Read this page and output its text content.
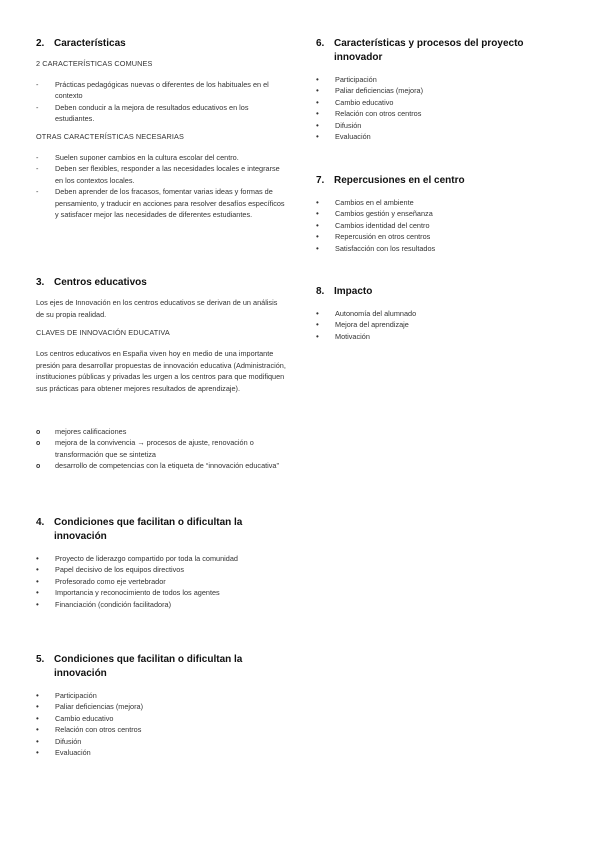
2. Características
2 CARACTERÍSTICAS COMUNES
-
Prácticas pedagógicas nuevas o diferentes de los habituales en el contexto
-
Deben conducir a la mejora de resultados educativos en los estudiantes.
OTRAS CARACTERÍSTICAS NECESARIAS
-
Suelen suponer cambios en la cultura escolar del centro.
-
Deben ser flexibles, responder a las necesidades locales e integrarse en los contextos locales.
-
Deben aprender de los fracasos, fomentar varias ideas y formas de pensamiento, y traducir en acciones para resolver desafíos específicos y satisfacer mejor las necesidades de diferentes estudiantes.
3. Centros educativos

Los ejes de Innovación en los centros educativos se derivan de un análisis de su propia realidad.

CLAVES DE INNOVACIÓN EDUCATIVA

Los centros educativos en España viven hoy en medio de una importante presión para desarrollar propuestas de innovación educativa (Administración, instituciones públicas y privadas les urgen a los centros para que modifiquen sus prácticas para obtener mejores resultados de aprendizaje).

o
mejores calificaciones
o
mejora de la convivencia → procesos de ajuste, renovación o transformación que se sintetiza
o
desarrollo de competencias con la etiqueta de “innovación educativa”
4. Condiciones que facilitan o dificultan la innovación
•
Proyecto de liderazgo compartido por toda la comunidad
•
Papel decisivo de los equipos directivos
•
Profesorado como eje vertebrador
•
Importancia y reconocimiento de todos los agentes
•
Financiación (condición facilitadora)
5. Condiciones que facilitan o dificultan la innovación
•
Participación
•
Paliar deficiencias (mejora)
•
Cambio educativo
•
Relación con otros centros
•
Difusión
•
Evaluación
6. Características y procesos del proyecto innovador
•
Participación
•
Paliar deficiencias (mejora)
•
Cambio educativo
•
Relación con otros centros
•
Difusión
•
Evaluación
7. Repercusiones en el centro
•
Cambios en el ambiente
•
Cambios gestión y enseñanza
•
Cambios identidad del centro
•
Repercusión en otros centros
•
Satisfacción con los resultados
8. Impacto
•
Autonomía del alumnado
•
Mejora del aprendizaje
•
Motivación
